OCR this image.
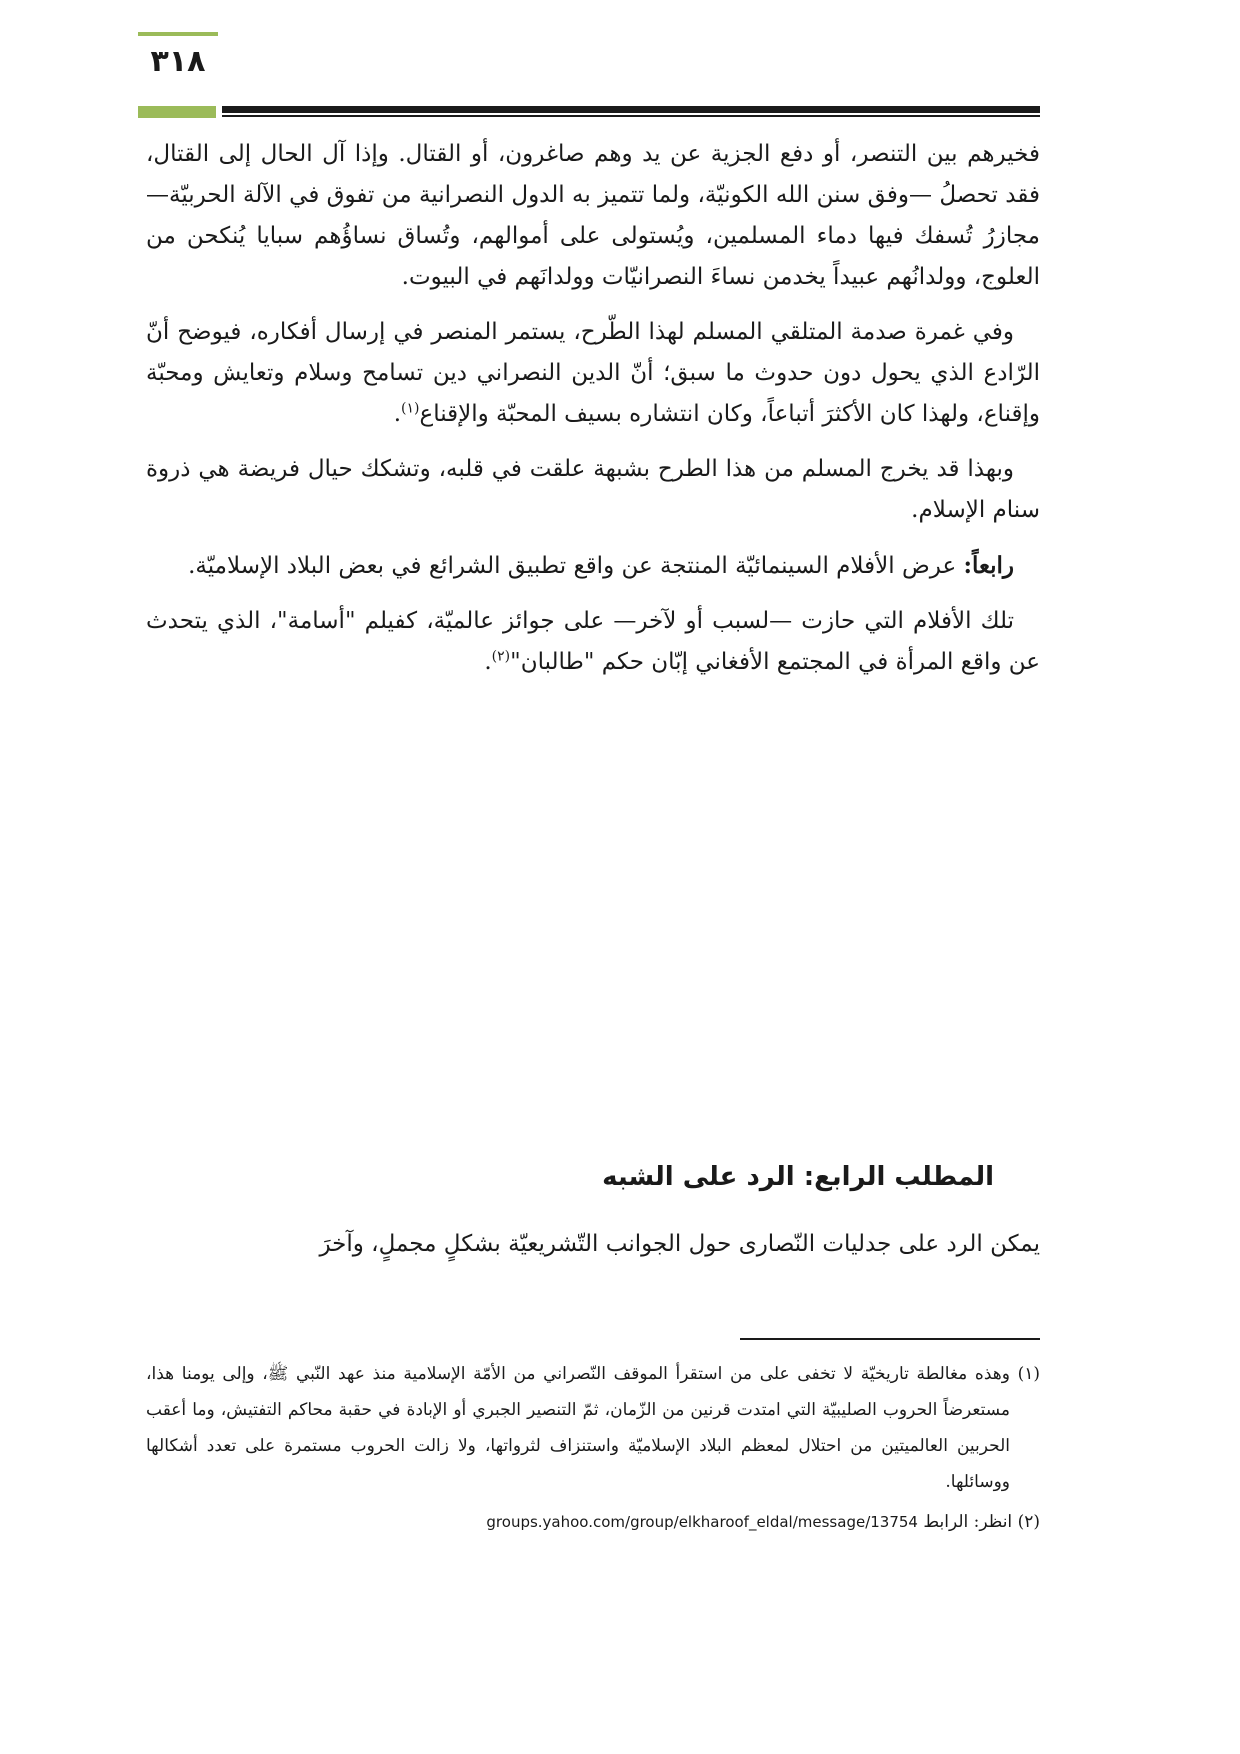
٣١٨

فخيرهم بين التنصر، أو دفع الجزية عن يد وهم صاغرون، أو القتال. وإذا آل الحال إلى القتال، فقد تحصلُ —وفق سنن الله الكونيّة، ولما تتميز به الدول النصرانية من تفوق في الآلة الحربيّة— مجازرُ تُسفك فيها دماء المسلمين، ويُستولى على أموالهم، وتُساق نساؤُهم سبايا يُنكحن من العلوج، وولدانُهم عبيداً يخدمن نساءَ النصرانيّات وولدانَهم في البيوت.

وفي غمرة صدمة المتلقي المسلم لهذا الطّرح، يستمر المنصر في إرسال أفكاره، فيوضح أنّ الرّادع الذي يحول دون حدوث ما سبق؛ أنّ الدين النصراني دين تسامح وسلام وتعايش ومحبّة وإقناع، ولهذا كان الأكثرَ أتباعاً، وكان انتشاره بسيف المحبّة والإقناع$^{(١)}$.

وبهذا قد يخرج المسلم من هذا الطرح بشبهة علقت في قلبه، وتشكك حيال فريضة هي ذروة سنام الإسلام.

رابعاً: عرض الأفلام السينمائيّة المنتجة عن واقع تطبيق الشرائع في بعض البلاد الإسلاميّة.

تلك الأفلام التي حازت —لسبب أو لآخر— على جوائز عالميّة، كفيلم "أسامة"، الذي يتحدث عن واقع المرأة في المجتمع الأفغاني إبّان حكم "طالبان"$^{(٢)}$.

المطلب الرابع: الرد على الشبه
يمكن الرد على جدليات النّصارى حول الجوانب التّشريعيّة بشكلٍ مجملٍ، وآخرَ

(١) وهذه مغالطة تاريخيّة لا تخفى على من استقرأ الموقف النّصراني من الأمّة الإسلامية منذ عهد النّبي ﷺ، وإلى يومنا هذا، مستعرضاً الحروب الصليبيّة التي امتدت قرنين من الزّمان، ثمّ التنصير الجبري أو الإبادة في حقبة محاكم التفتيش، وما أعقب الحربين العالميتين من احتلال لمعظم البلاد الإسلاميّة واستنزاف لثرواتها، ولا زالت الحروب مستمرة على تعدد أشكالها ووسائلها.

(٢) انظر: الرابط groups.yahoo.com/group/elkharoof_eldal/message/13754
